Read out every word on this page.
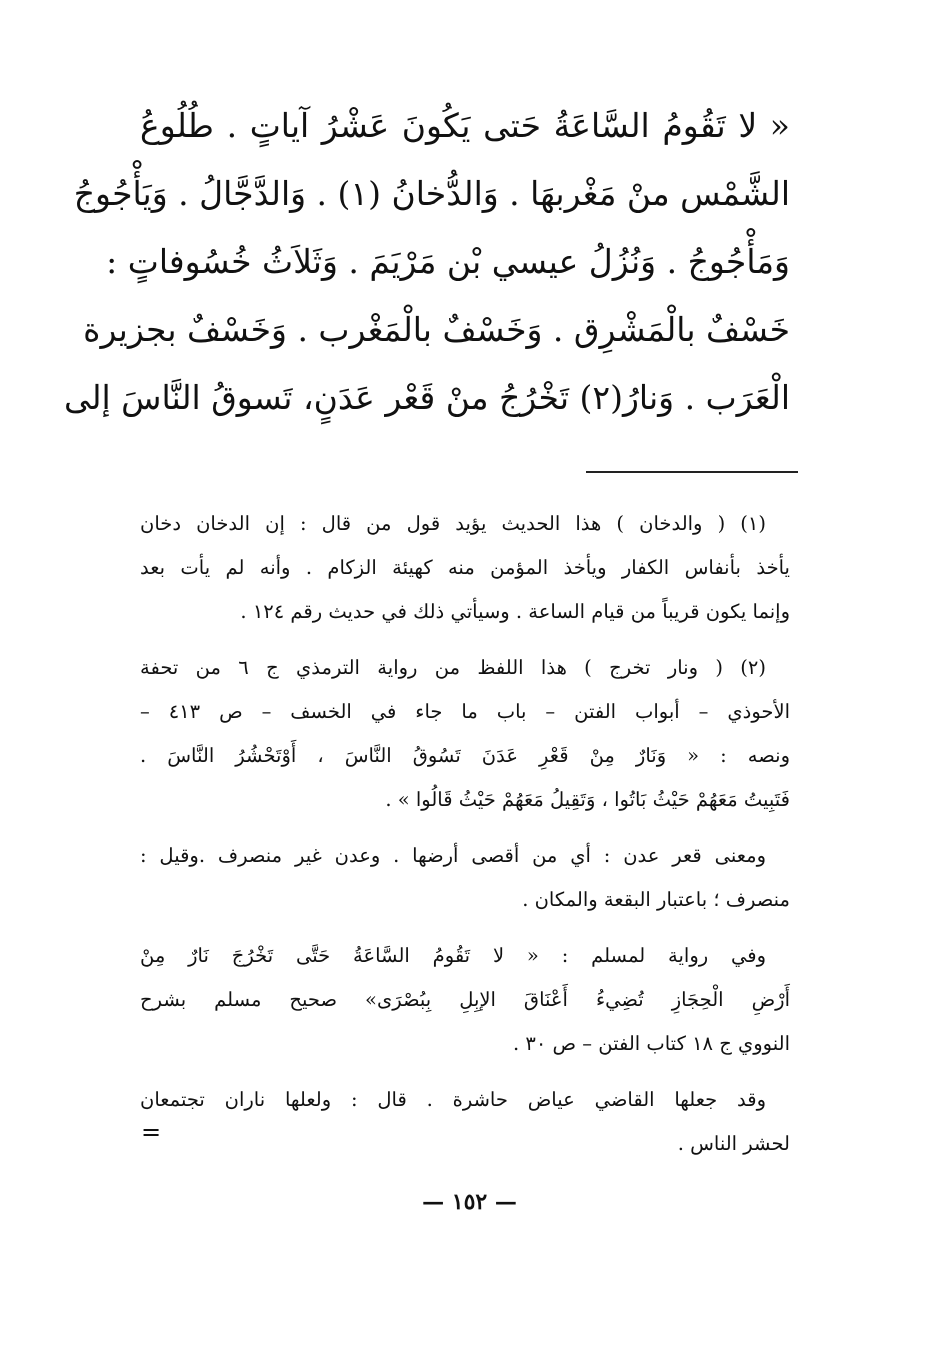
« لا تَقُومُ السَّاعَةُ حَتى يَكُونَ عَشْرُ آياتٍ . طُلُوعُ
الشَّمْس منْ مَغْربهَا . وَالدُّخانُ (١) . وَالدَّجَّالُ . وَيَأْجُوجُ
وَمَأْجُوجُ . وَنُزُلُ عيسي بْن مَرْيَمَ . وَثَلاَثُ خُسُوفاتٍ :
خَسْفٌ بالْمَشْرِق . وَخَسْفٌ بالْمَغْرب . وَخَسْفٌ بجزيرة
الْعَرَب . وَنارُ(٢) تَخْرُجُ منْ قَعْر عَدَنٍ، تَسوقُ النَّاسَ إلى
(١) ( والدخان ) هذا الحديث يؤيد قول من قال : إن الدخان دخان
يأخذ بأنفاس الكفار ويأخذ المؤمن منه كهيئة الزكام . وأنه لم يأت بعد
وإنما يكون قريباً من قيام الساعة . وسيأتي ذلك في حديث رقم ١٢٤ .
(٢) ( ونار تخرج ) هذا اللفظ من رواية الترمذي ج ٦ من تحفة
الأحوذي – أبواب الفتن – باب ما جاء في الخسف – ص ٤١٣ –
ونصه : « وَنَارٌ مِنْ قَعْرِ عَدَنَ تَسُوقُ النَّاسَ ، أَوْتَحْشُرُ النَّاسَ .
فَتَبِيتُ مَعَهُمْ حَيْثُ بَاتُوا ، وَتَقِيلُ مَعَهُمْ حَيْثُ قَالُوا » .
ومعنى قعر عدن : أي من أقصى أرضها . وعدن غير منصرف .وقيل :
منصرف ؛ باعتبار البقعة والمكان .
وفي رواية لمسلم : « لا تَقُومُ السَّاعَةُ حَتَّى تَخْرُجَ نَارٌ مِنْ
أَرْضِ الْحِجَازِ تُضِيءُ أَعْنَاقَ الإبِلِ بِبُصْرَى» صحيح مسلم بشرح
النووي ج ١٨ كتاب الفتن – ص ٣٠ .
وقد جعلها القاضي عياض حاشرة . قال : ولعلها ناران تجتمعان
لحشر الناس .
=
— ١٥٢ —
